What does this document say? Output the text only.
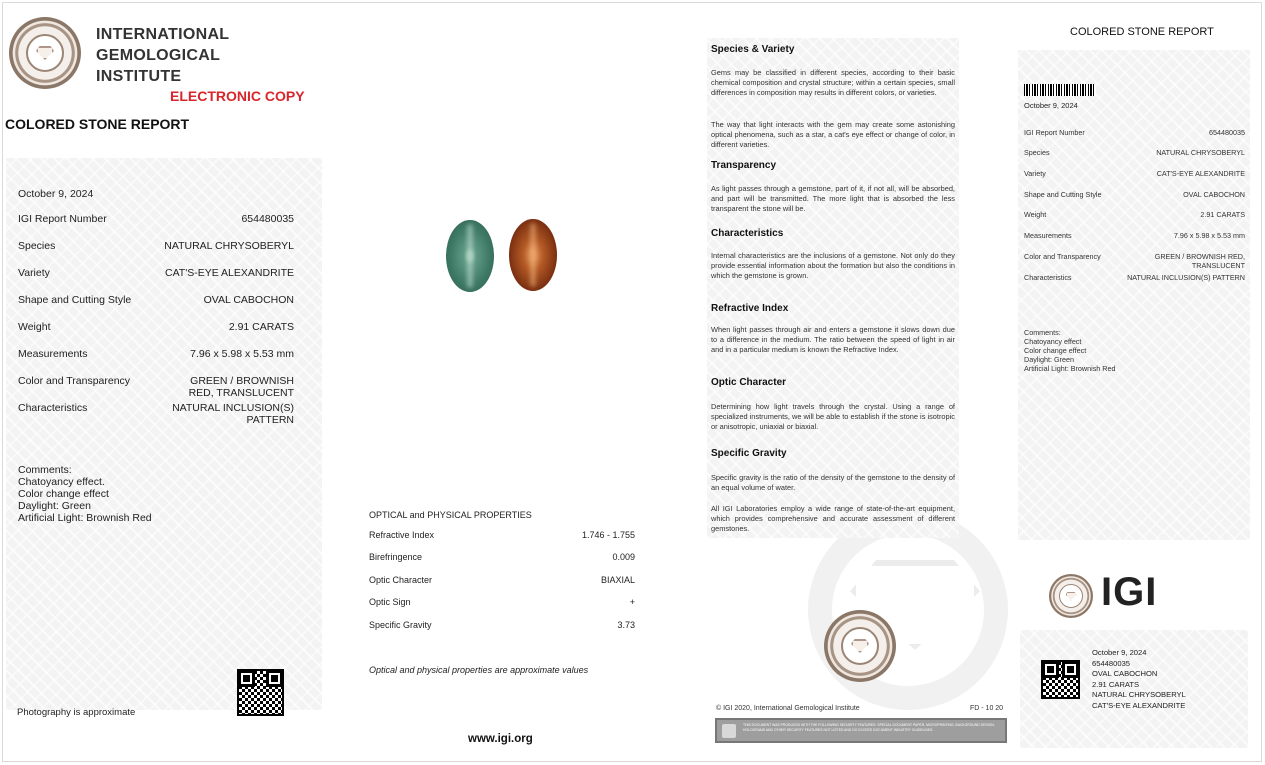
INTERNATIONAL
GEMOLOGICAL
INSTITUTE
ELECTRONIC COPY
COLORED STONE REPORT
October 9, 2024
IGI Report Number	654480035
Species	NATURAL CHRYSOBERYL
Variety	CAT'S-EYE ALEXANDRITE
Shape and Cutting Style	OVAL CABOCHON
Weight	2.91 CARATS
Measurements	7.96 x 5.98 x 5.53 mm
Color and Transparency	GREEN / BROWNISH RED, TRANSLUCENT
Characteristics	NATURAL INCLUSION(S) PATTERN
Comments:
Chatoyancy effect.
Color change effect
Daylight: Green
Artificial Light: Brownish Red
Photography is approximate
OPTICAL and PHYSICAL PROPERTIES
Refractive Index	1.746 - 1.755
Birefringence	0.009
Optic Character	BIAXIAL
Optic Sign	+
Specific Gravity	3.73
Optical and physical properties are approximate values
www.igi.org
Species & Variety

Gems may be classified in different species, according to their basic chemical composition and crystal structure; within a certain species, small differences in composition may results in different colors, or varieties.

The way that light interacts with the gem may create some astonishing optical phenomena, such as a star, a cat's eye effect or change of color, in different varieties.

Transparency

As light passes through a gemstone, part of it, if not all, will be absorbed, and part will be transmitted. The more light that is absorbed the less transparent the stone will be.

Characteristics

Internal characteristics are the inclusions of a gemstone. Not only do they provide essential information about the formation but also the conditions in which the gemstone is grown.

Refractive Index

When light passes through air and enters a gemstone it slows down due to a difference in the medium. The ratio between the speed of light in air and in a particular medium is known the Refractive Index.

Optic Character

Determining how light travels through the crystal. Using a range of specialized instruments, we will be able to establish if the stone is isotropic or anisotropic, uniaxial or biaxial.

Specific Gravity

Specific gravity is the ratio of the density of the gemstone to the density of an equal volume of water.

All IGI Laboratories employ a wide range of state-of-the-art equipment, which provides comprehensive and accurate assessment of different gemstones.

© IGI 2020, International Gemological Institute	FD - 10 20
THIS DOCUMENT WAS PRODUCED WITH THE FOLLOWING SECURITY FEATURES: SPECIAL DOCUMENT PAPER, MICROPRINTING, BACKGROUND DESIGN, HOLOGRAMS AND OTHER SECURITY FEATURES NOT LISTED AND DO EXCEED DOCUMENT INDUSTRY GUIDELINES.
COLORED STONE REPORT
October 9, 2024
IGI Report Number	654480035
Species	NATURAL CHRYSOBERYL
Variety	CAT'S-EYE ALEXANDRITE
Shape and Cutting Style	OVAL CABOCHON
Weight	2.91 CARATS
Measurements	7.96 x 5.98 x 5.53 mm
Color and Transparency	GREEN / BROWNISH RED, TRANSLUCENT
Characteristics	NATURAL INCLUSION(S) PATTERN
Comments:
Chatoyancy effect
Color change effect
Daylight: Green
Artificial Light: Brownish Red
IGI
October 9, 2024
654480035
OVAL CABOCHON
2.91 CARATS
NATURAL CHRYSOBERYL
CAT'S-EYE ALEXANDRITE
